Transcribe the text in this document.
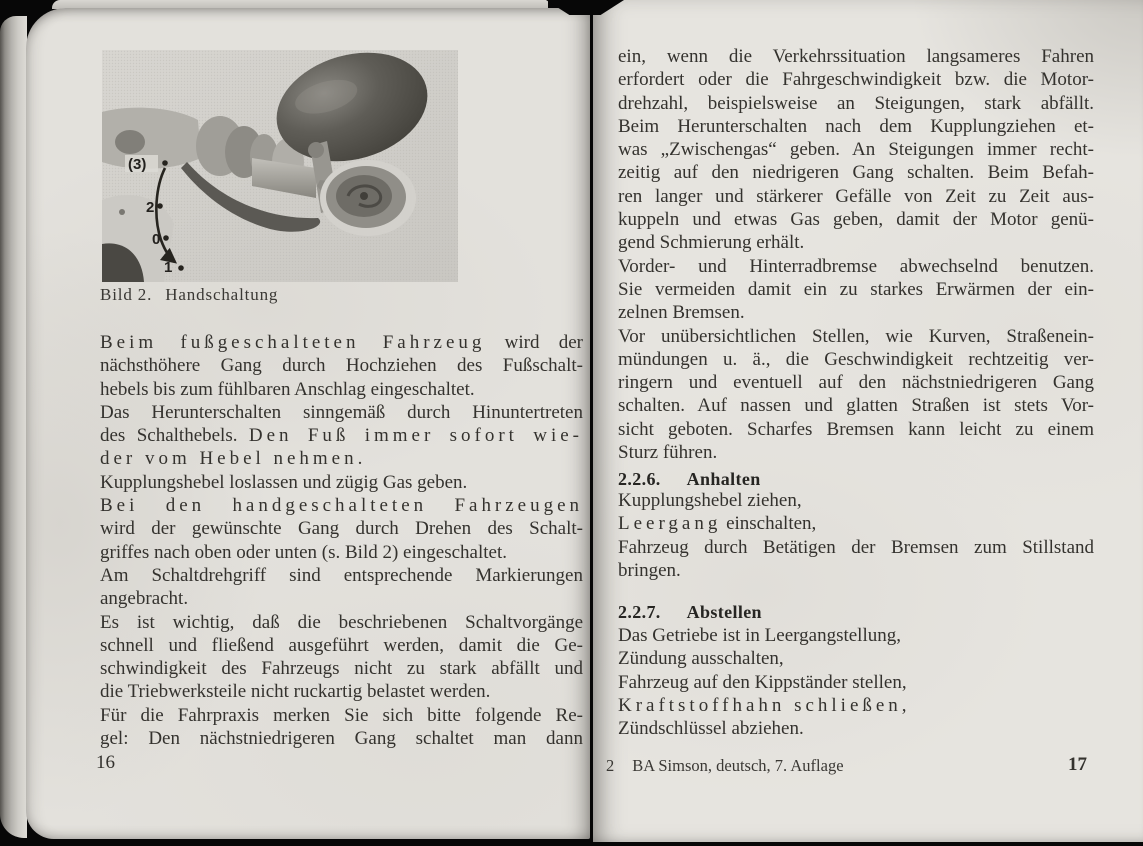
(3)
2
0
1
Bild 2. Handschaltung
Beim fußgeschalteten Fahrzeug wird der
nächsthöhere Gang durch Hochziehen des Fußschalt-
hebels bis zum fühlbaren Anschlag eingeschaltet.
Das Herunterschalten sinngemäß durch Hinuntertreten
des Schalthebels. Den Fuß immer sofort wie-
der vom Hebel nehmen.
Kupplungshebel loslassen und zügig Gas geben.
Bei den handgeschalteten Fahrzeugen
wird der gewünschte Gang durch Drehen des Schalt-
griffes nach oben oder unten (s. Bild 2) eingeschaltet.
Am Schaltdrehgriff sind entsprechende Markierungen
angebracht.
Es ist wichtig, daß die beschriebenen Schaltvorgänge
schnell und fließend ausgeführt werden, damit die Ge-
schwindigkeit des Fahrzeugs nicht zu stark abfällt und
die Triebwerksteile nicht ruckartig belastet werden.
Für die Fahrpraxis merken Sie sich bitte folgende Re-
gel: Den nächstniedrigeren Gang schaltet man dann
16
ein, wenn die Verkehrssituation langsameres Fahren
erfordert oder die Fahrgeschwindigkeit bzw. die Motor-
drehzahl, beispielsweise an Steigungen, stark abfällt.
Beim Herunterschalten nach dem Kupplungziehen et-
was „Zwischengas“ geben. An Steigungen immer recht-
zeitig auf den niedrigeren Gang schalten. Beim Befah-
ren langer und stärkerer Gefälle von Zeit zu Zeit aus-
kuppeln und etwas Gas geben, damit der Motor genü-
gend Schmierung erhält.
Vorder- und Hinterradbremse abwechselnd benutzen.
Sie vermeiden damit ein zu starkes Erwärmen der ein-
zelnen Bremsen.
Vor unübersichtlichen Stellen, wie Kurven, Straßenein-
mündungen u. ä., die Geschwindigkeit rechtzeitig ver-
ringern und eventuell auf den nächstniedrigeren Gang
schalten. Auf nassen und glatten Straßen ist stets Vor-
sicht geboten. Scharfes Bremsen kann leicht zu einem
Sturz führen.
2.2.6. Anhalten
Kupplungshebel ziehen,
Leergang einschalten,
Fahrzeug durch Betätigen der Bremsen zum Stillstand
bringen.
2.2.7. Abstellen
Das Getriebe ist in Leergangstellung,
Zündung ausschalten,
Fahrzeug auf den Kippständer stellen,
Kraftstoffhahn schließen,
Zündschlüssel abziehen.
2 BA Simson, deutsch, 7. Auflage	17
